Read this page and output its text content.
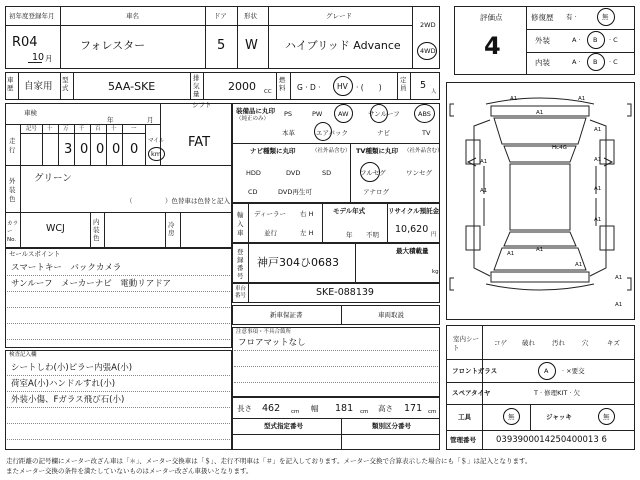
初年度登録年月
R04
10 月
車名
フォレスター
ドア
5
形状
W
グレード
ハイブリッド Advance
2WD
4WD
車歴 自家用
型式	5AA-SKE
排気量
2000 CC
燃料 G · D · HV · (　　)
定員 5
人
評価点
4
修復歴 有 ·	無
外装	A · B · C
内装	A · B · C
車検
年	月
シフト
FAT
記号 十 万 千 百 十	一
走行	3 0 0 0 0
マイル
km
外装色
グリーン
（　　　　　）色替車は色替と記入
カラーNo.
WCJ
内装色
冷房
セールスポイント
スマートキー　バックカメラ
サンルーフ　メーカーナビ　電動リアドア
検査記入欄
シートしわ(小)ピラー内張A(小)
荷室A(小)ハンドルすれ(小)
外装小傷、Fガラス飛び石(小)
装備品に丸印
（純正のみ）
PS	PW AW	サンルーフ	ABS
本革	エアバック	ナビ	TV
ナビ種類に丸印	（社外品含む）
HDD	DVD	SD
CD	DVD再生可
TV種類に丸印 （社外品含む）
フルセグ	ワンセグ
アナログ
輸入車
ディーラー
並行
右 H
左 H
モデル年式
年 不明
リサイクル預託金
10,620 円
登録番号
神戸304ひ0683
最大積載量
kg
車台番号	SKE-088139
新車保証書	車両取説
注意事項・不具合箇所
フロアマットなし
長さ 462 cm 幅 181 cm 高さ 171 cm
型式指定番号	類別区分番号
A1	A1
A1
A1
A1
Hc4G
A1
A1
A1
A1
A1
A1
A1
A1
A1
室内シート
コゲ 破れ	汚れ	穴	キズ
フロントガラス	A · ×要交
スペアタイヤ	T · 修理KIT · 欠
工具	無	ジャッキ	無
管理番号 0393900014250400013 6
走行距離の記号欄にメーター改ざん車は「＊」、メーター交換車は「＄」、走行不明車は「＃」を記入しております。メーター交換で合算表示した場合にも「＄」は記入となります。
またメーター交換の条件を満たしていないものはメーター改ざん車扱いとなります。
